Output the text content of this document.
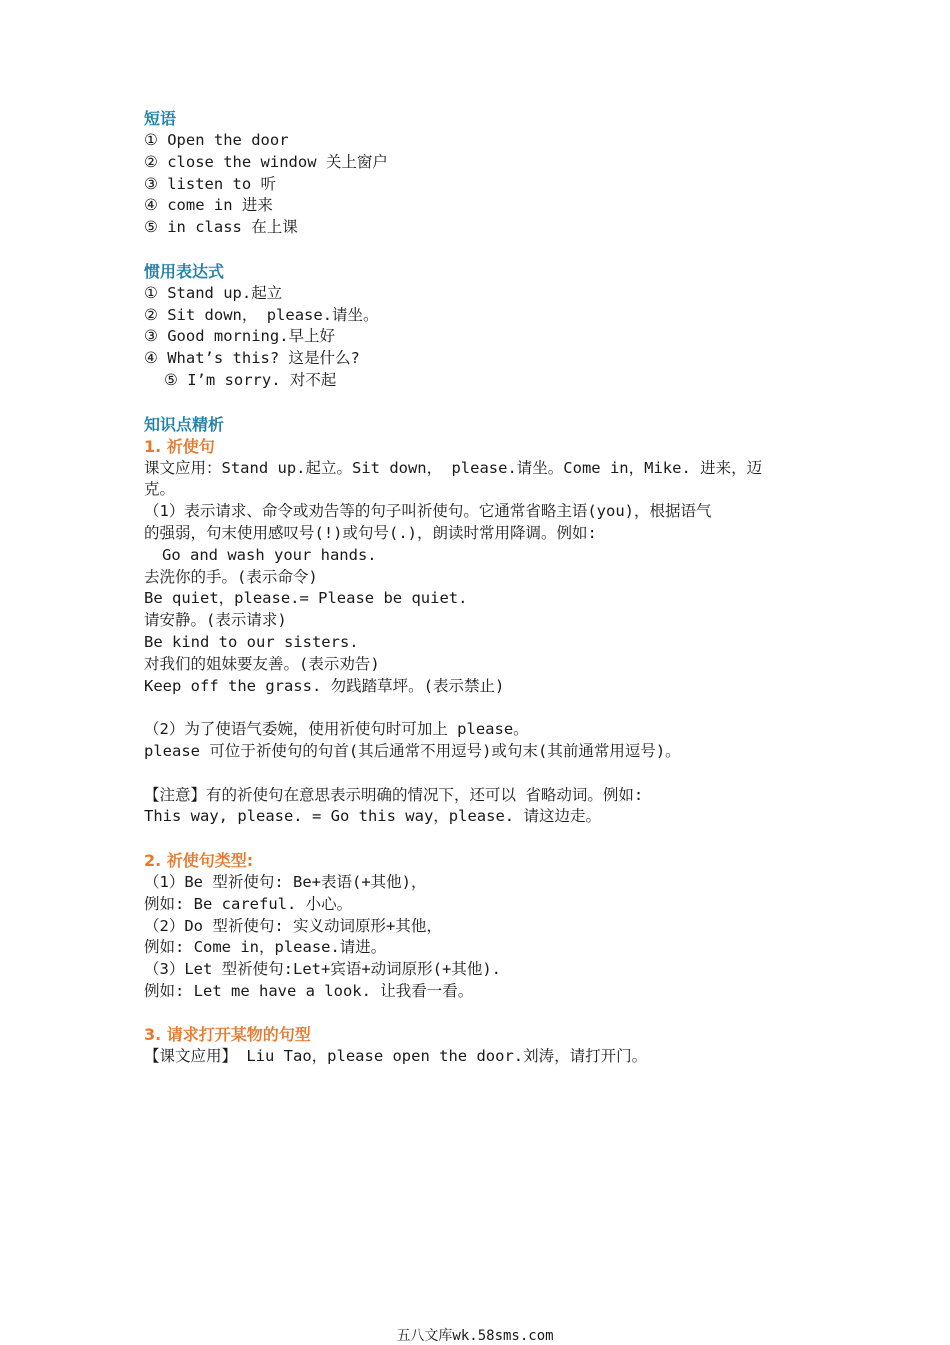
短语
① Open the door
② close the window 关上窗户
③ listen to 听
④ come in 进来
⑤ in class 在上课
惯用表达式
① Stand up.起立
② Sit down， please.请坐。
③ Good morning.早上好
④ What’s this? 这是什么?
⑤ I’m sorry. 对不起
知识点精析
1. 祈使句
课文应用：Stand up.起立。Sit down， please.请坐。Come in，Mike. 进来，迈
克。
（1）表示请求、命令或劝告等的句子叫祈使句。它通常省略主语(you)，根据语气
的强弱，句末使用感叹号(!)或句号(.)，朗读时常用降调。例如:
Go and wash your hands.
去洗你的手。(表示命令)
Be quiet，please.= Please be quiet.
请安静。(表示请求)
Be kind to our sisters.
对我们的姐妹要友善。(表示劝告)
Keep off the grass. 勿践踏草坪。(表示禁止)
（2）为了使语气委婉，使用祈使句时可加上 please。
please 可位于祈使句的句首(其后通常不用逗号)或句末(其前通常用逗号)。
【注意】有的祈使句在意思表示明确的情况下，还可以 省略动词。例如:
This way, please. = Go this way，please. 请这边走。
2. 祈使句类型:
（1）Be 型祈使句: Be+表语(+其他)，
例如: Be careful. 小心。
（2）Do 型祈使句: 实义动词原形+其他，
例如: Come in，please.请进。
（3）Let 型祈使句:Let+宾语+动词原形(+其他).
例如: Let me have a look. 让我看一看。
3. 请求打开某物的句型
【课文应用】 Liu Tao，please open the door.刘涛，请打开门。
五八文库wk.58sms.com
